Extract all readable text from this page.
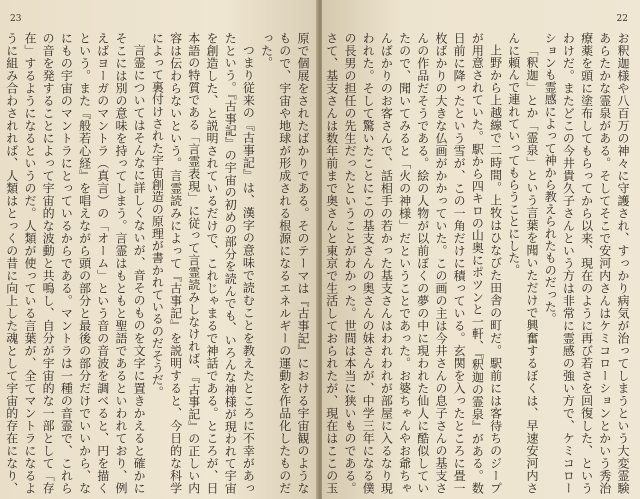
23

原で個展をされたばかりである。そのテーマは『古事記』における宇宙観のようなもので、宇宙や地球が形成される根源になるエネルギーの運動を作品化したものだった。

つまり従来の『古事記』は、漢字の意味で読むことを教えたところに不幸があったという。『古事記』の宇宙の初めの部分を読んでも、いろんな神様が現われて宇宙を創造した、と説明されているだけで、これじゃまるで神話である。ところが、日本語の特質である「言霊表現」に従って言霊読みしなければ、『古事記』の正しい内容は伝わらないという。言霊読みによって『古事記』を説明すると、今日的な科学によって裏付けされた宇宙創造の原理が書かれているのだそうだ。

言霊についてはそんなに詳しくないが、音そのものを文字に置きかえると確かにそこには別の意味を持ってしまう。言霊はもともと聖語であるといわれており、例えばヨーガのマントラ（真言）の「オーム」という音の音波を調べると、円を描くという。また『般若心経』を唱えながら頭の部分と最後の部分だけでいいから、なにもの宇宙のマントラにとっているからである。マントラは一種の音霊で、これらの音を発することによって宇宙的な波動と共鳴し、自分が宇宙的な一部として「存在」するようになるというのだ。人類が使っている言葉が、全てマントラになるように組み合わされれば、人類はとっくの昔に向上した魂として宇宙的存在になり、

22

お釈迦様や八百万の神々に守護され、すっかり病気が治ってしまうという大変霊験あらたかな霊泉がある。そしてそこで安河内さんはケミコローションとかいう秀治療薬を頭に塗布してもらってから以来、現在のように再び若さを回復した、というわけだ。またどこの今井貴久子さんという方は非常に霊感の強い方で、ケミコローションも霊感によって神から教えられたものだった。

「釈迦」とか「霊泉」という言葉を聞いただけで興奮するぼくは、早速安河内さんに頼んで連れていってもらうことにした。

上野から上越線で二時間。上牧はひなびた田舎の町だ。駅前には客待ちのジープが用意されていた。駅から四キロの山奥にポツンと一軒、『釈迦の霊泉』がある。数日前に降ったという雪が、この一角だけに積っている。玄関を入ったところに畳一枚ばかりの大きな仏画がかかっていた。この画の主は今井さんの息子さんの基支さんの作品だそうである。絵の人物が以前ぼくの夢の中に現われた仙人に酷似していたので、聞いてみると「火の神様」だということであった。お婆ちゃんやお爺ちゃんばかりのお客さんで、話相手の若かった基支さんはわれわれが部屋に入るなり現われた。そして驚いたことにこの基支さんの奥さんの妹さんが、中学三年になる僕の長男の担任の先生だったということがわかった。世間は本当に狭いものである。さて、基支さんは数年前まで奥さんと東京で生活しておられたが、現在はここの玉
